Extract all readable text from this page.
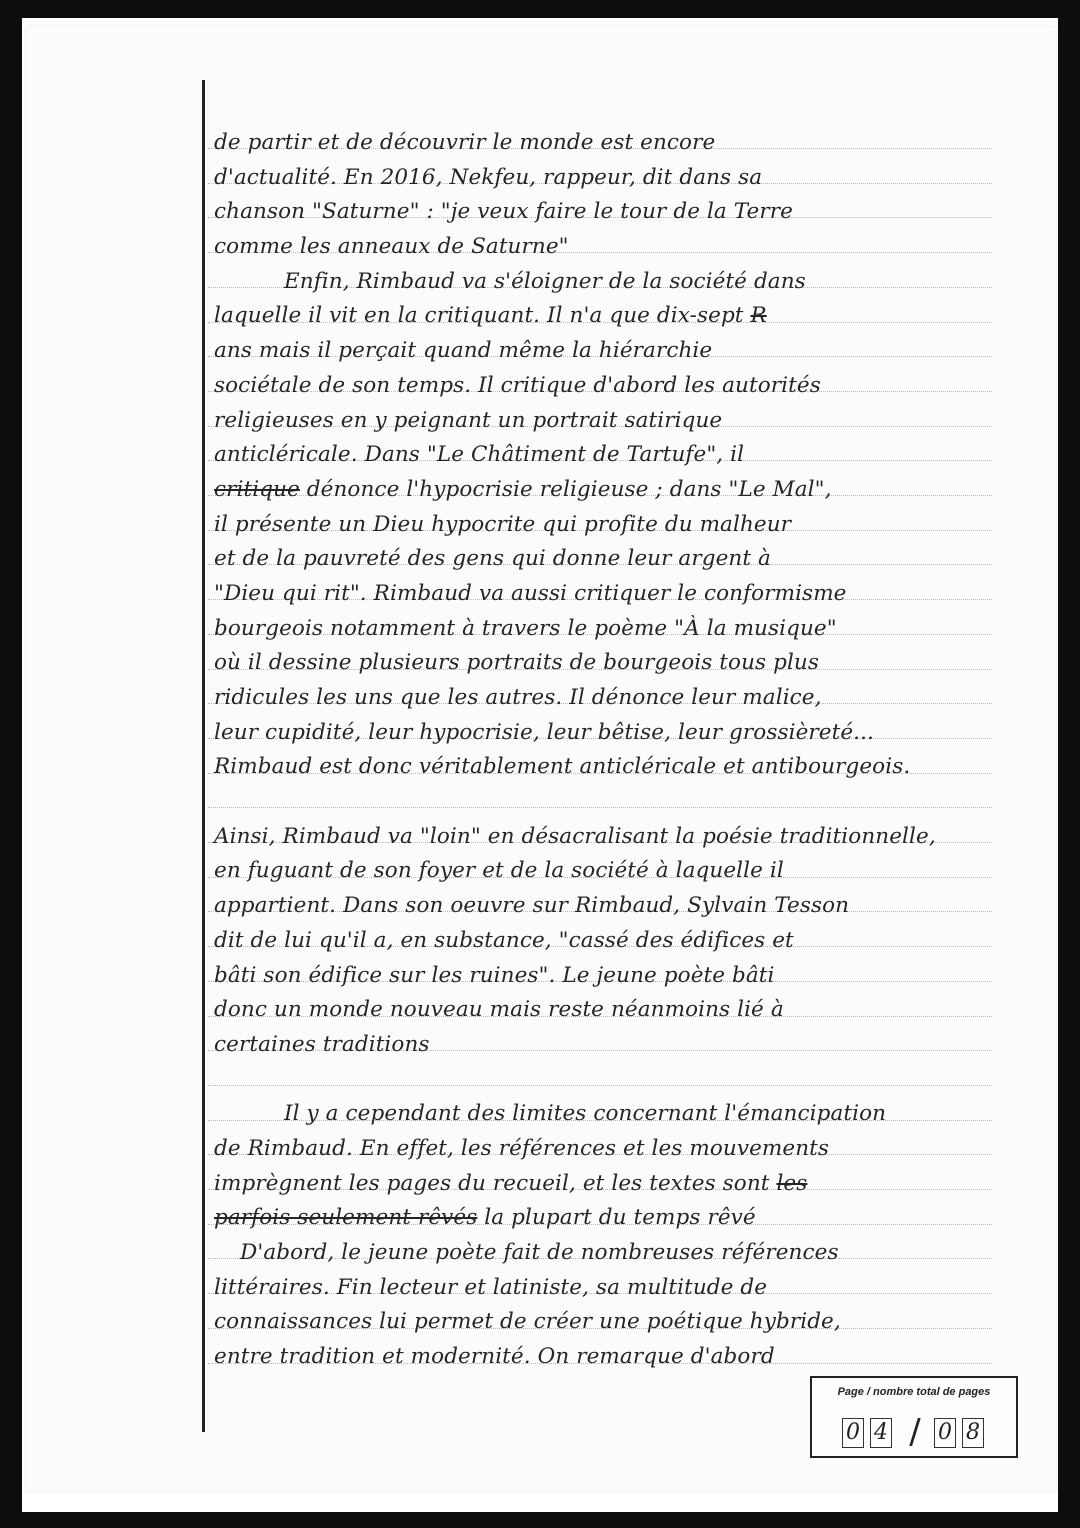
de partir et de découvrir le monde est encore
d'actualité. En 2016, Nekfeu, rappeur, dit dans sa
chanson "Saturne" : "je veux faire le tour de la Terre
comme les anneaux de Saturne"
Enfin, Rimbaud va s'éloigner de la société dans
laquelle il vit en la critiquant. Il n'a que dix-sept R
ans mais il perçait quand même la hiérarchie
sociétale de son temps. Il critique d'abord les autorités
religieuses en y peignant un portrait satirique
anticléricale. Dans "Le Châtiment de Tartufe", il
critique dénonce l'hypocrisie religieuse ; dans "Le Mal",
il présente un Dieu hypocrite qui profite du malheur
et de la pauvreté des gens qui donne leur argent à
"Dieu qui rit". Rimbaud va aussi critiquer le conformisme
bourgeois notamment à travers le poème "À la musique"
où il dessine plusieurs portraits de bourgeois tous plus
ridicules les uns que les autres. Il dénonce leur malice,
leur cupidité, leur hypocrisie, leur bêtise, leur grossièreté...
Rimbaud est donc véritablement anticléricale et antibourgeois.
Ainsi, Rimbaud va "loin" en désacralisant la poésie traditionnelle,
en fuguant de son foyer et de la société à laquelle il
appartient. Dans son oeuvre sur Rimbaud, Sylvain Tesson
dit de lui qu'il a, en substance, "cassé des édifices et
bâti son édifice sur les ruines". Le jeune poète bâti
donc un monde nouveau mais reste néanmoins lié à
certaines traditions
Il y a cependant des limites concernant l'émancipation
de Rimbaud. En effet, les références et les mouvements
imprègnent les pages du recueil, et les textes sont les
parfois seulement rêvés la plupart du temps rêvé
D'abord, le jeune poète fait de nombreuses références
littéraires. Fin lecteur et latiniste, sa multitude de
connaissances lui permet de créer une poétique hybride,
entre tradition et modernité. On remarque d'abord
Page / nombre total de pages
0 4 / 0 8
